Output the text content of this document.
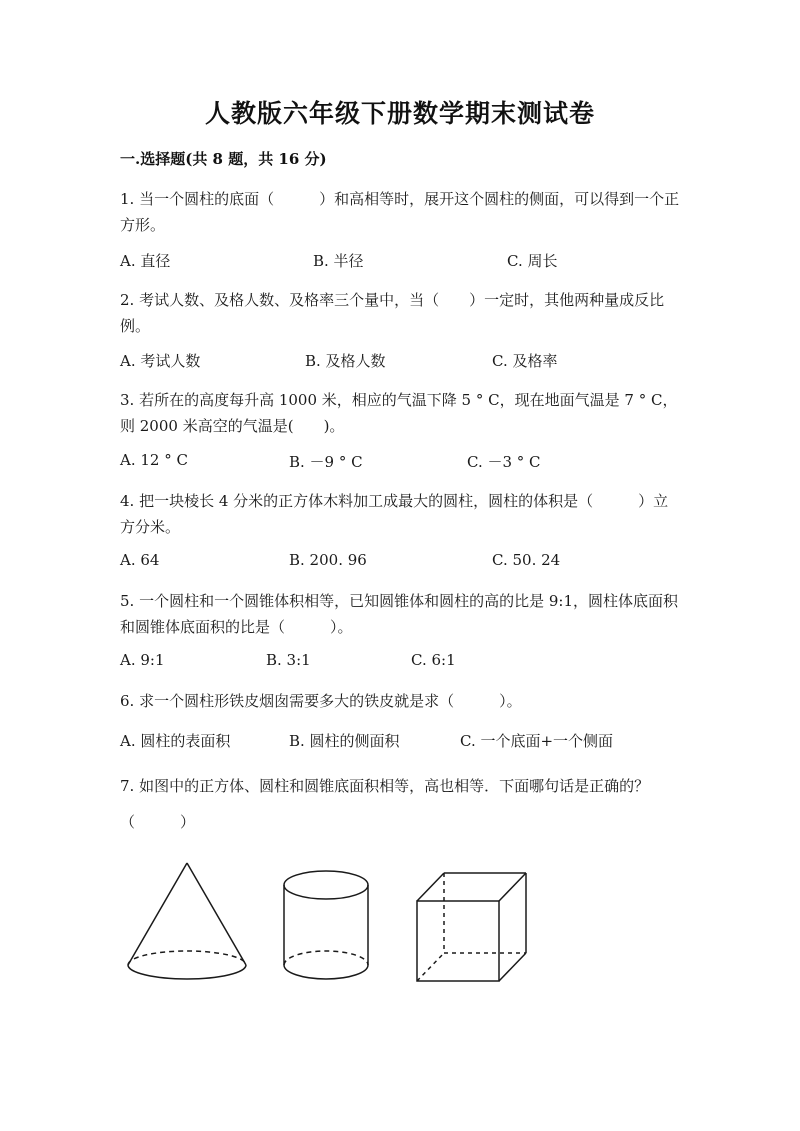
人教版六年级下册数学期末测试卷
一.选择题(共 8 题，共 16 分)
1. 当一个圆柱的底面（　　　）和高相等时，展开这个圆柱的侧面，可以得到一个正方形。
A. 直径	B. 半径	C. 周长
2. 考试人数、及格人数、及格率三个量中，当（　　）一定时，其他两种量成反比例。
A. 考试人数	B. 及格人数	C. 及格率
3. 若所在的高度每升高 1000 米，相应的气温下降 5 ° C，现在地面气温是 7 ° C，则 2000 米高空的气温是(　　)。
A. 12 ° C	B. －9 ° C	C. －3 ° C
4. 把一块棱长 4 分米的正方体木料加工成最大的圆柱，圆柱的体积是（　　　）立方分米。
A. 64	B. 200. 96	C. 50. 24
5. 一个圆柱和一个圆锥体积相等，已知圆锥体和圆柱的高的比是 9:1，圆柱体底面积和圆锥体底面积的比是（　　　）。
A. 9:1	B. 3:1	C. 6:1
6. 求一个圆柱形铁皮烟囱需要多大的铁皮就是求（　　　）。
A. 圆柱的表面积	B. 圆柱的侧面积	C. 一个底面+一个侧面
7. 如图中的正方体、圆柱和圆锥底面积相等，高也相等．下面哪句话是正确的？（　　　）
